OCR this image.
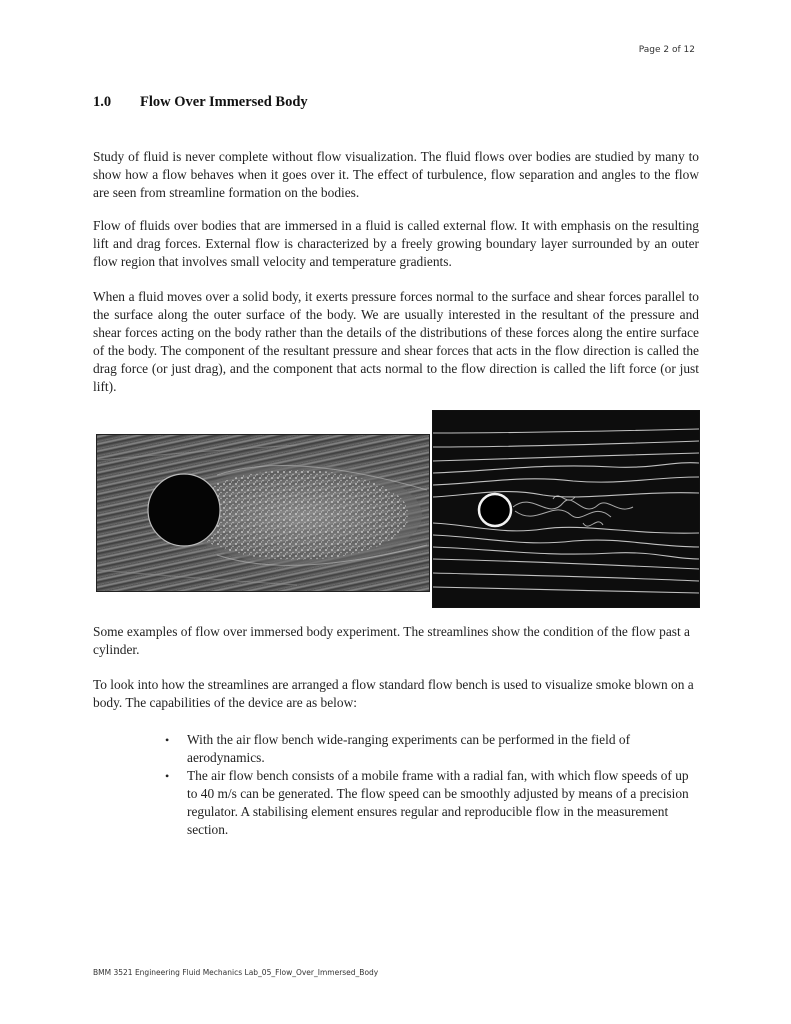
Page 2 of 12
1.0 Flow Over Immersed Body

Study of fluid is never complete without flow visualization. The fluid flows over bodies are studied by many to show how a flow behaves when it goes over it. The effect of turbulence, flow separation and angles to the flow are seen from streamline formation on the bodies.

Flow of fluids over bodies that are immersed in a fluid is called external flow. It with emphasis on the resulting lift and drag forces. External flow is characterized by a freely growing boundary layer surrounded by an outer flow region that involves small velocity and temperature gradients.

When a fluid moves over a solid body, it exerts pressure forces normal to the surface and shear forces parallel to the surface along the outer surface of the body. We are usually interested in the resultant of the pressure and shear forces acting on the body rather than the details of the distributions of these forces along the entire surface of the body. The component of the resultant pressure and shear forces that acts in the flow direction is called the drag force (or just drag), and the component that acts normal to the flow direction is called the lift force (or just lift).

Some examples of flow over immersed body experiment. The streamlines show the condition of the flow past a cylinder.

To look into how the streamlines are arranged a flow standard flow bench is used to visualize smoke blown on a body. The capabilities of the device are as below:

• With the air flow bench wide-ranging experiments can be performed in the field of aerodynamics.
• The air flow bench consists of a mobile frame with a radial fan, with which flow speeds of up to 40 m/s can be generated. The flow speed can be smoothly adjusted by means of a precision regulator. A stabilising element ensures regular and reproducible flow in the measurement section.
BMM 3521 Engineering Fluid Mechanics Lab_05_Flow_Over_Immersed_Body
